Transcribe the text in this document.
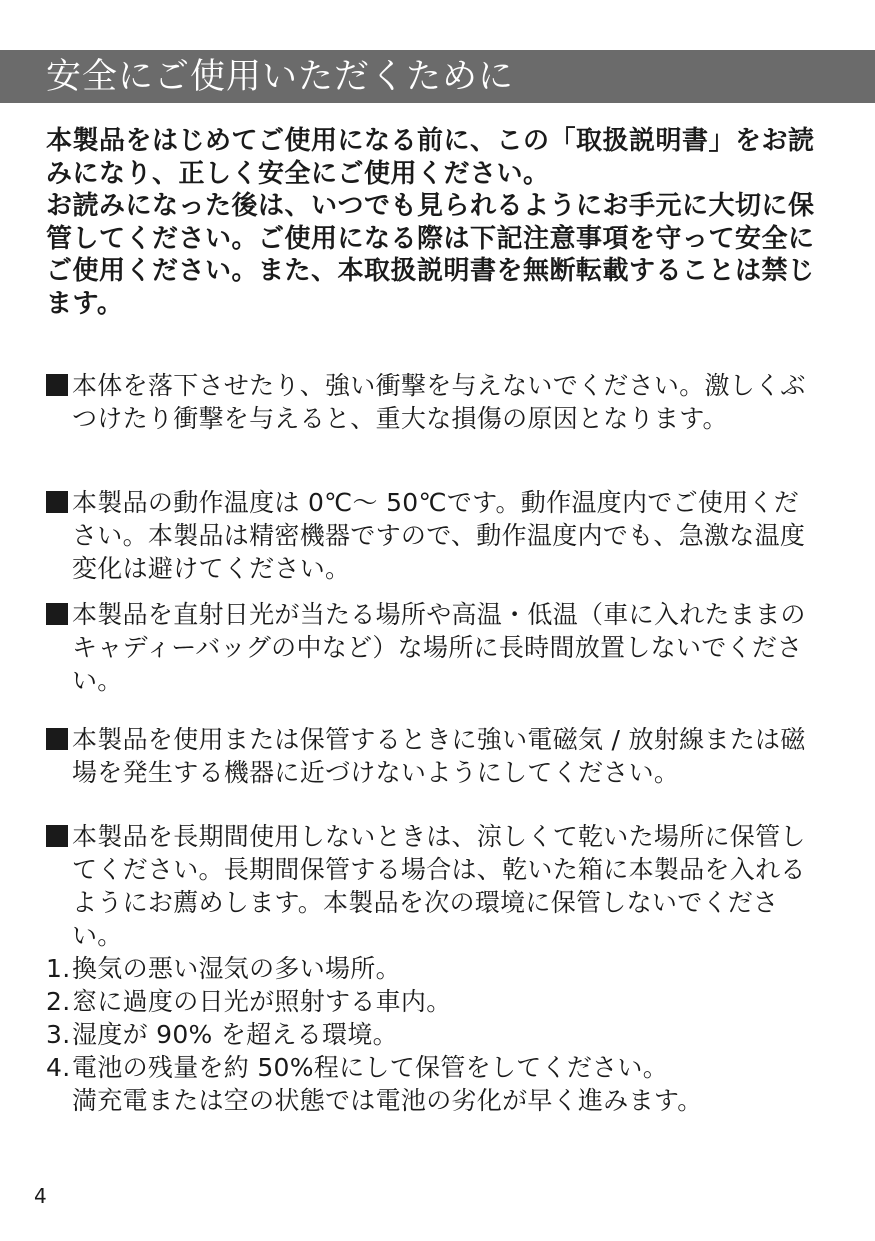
安全にご使用いただくために

本製品をはじめてご使用になる前に、この「取扱説明書」をお読みになり、正しく安全にご使用ください。

お読みになった後は、いつでも見られるようにお手元に大切に保管してください。ご使用になる際は下記注意事項を守って安全にご使用ください。また、本取扱説明書を無断転載することは禁じます。

本体を落下させたり、強い衝撃を与えないでください。激しくぶつけたり衝撃を与えると、重大な損傷の原因となります。
本製品の動作温度は 0℃～ 50℃です。動作温度内でご使用ください。本製品は精密機器ですので、動作温度内でも、急激な温度変化は避けてください。
本製品を直射日光が当たる場所や高温・低温（車に入れたままのキャディーバッグの中など）な場所に長時間放置しないでください。
本製品を使用または保管するときに強い電磁気 / 放射線または磁場を発生する機器に近づけないようにしてください。
本製品を長期間使用しないときは、涼しくて乾いた場所に保管してください。長期間保管する場合は、乾いた箱に本製品を入れるようにお薦めします。本製品を次の環境に保管しないでください。
1.換気の悪い湿気の多い場所。
2.窓に過度の日光が照射する車内。
3.湿度が 90% を超える環境。
4.電池の残量を約 50%程にして保管をしてください。
満充電または空の状態では電池の劣化が早く進みます。
4
